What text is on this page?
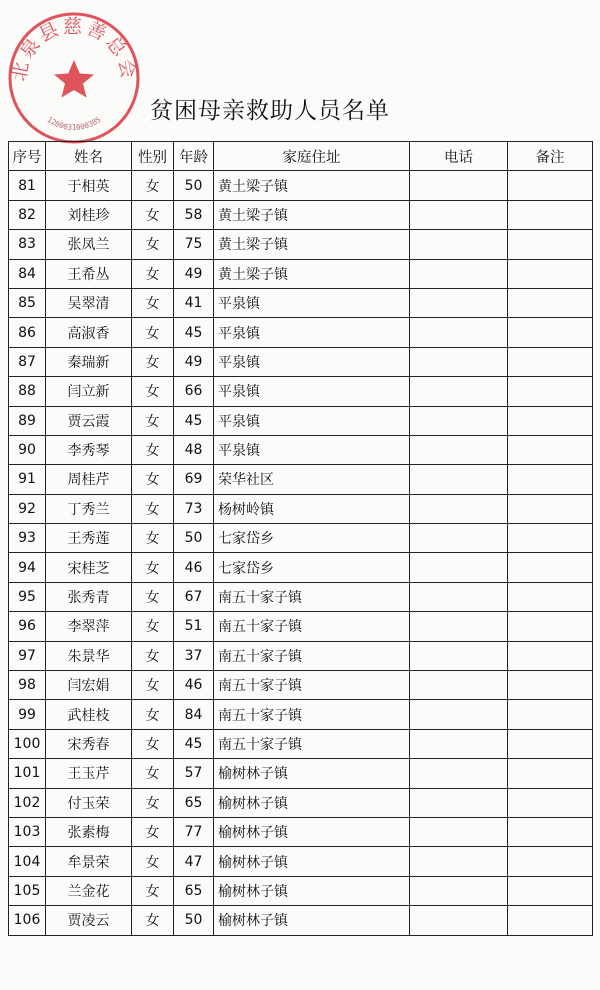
北泉县慈善总会
1200031000385 贫困母亲救助人员名单
序号	姓名	性别	年龄	家庭住址	电话	备注
81	于相英	女	50	黄土梁子镇		
82	刘桂珍	女	58	黄土梁子镇		
83	张凤兰	女	75	黄土梁子镇		
84	王希丛	女	49	黄土梁子镇		
85	吴翠清	女	41	平泉镇		
86	高淑香	女	45	平泉镇		
87	秦瑞新	女	49	平泉镇		
88	闫立新	女	66	平泉镇		
89	贾云霞	女	45	平泉镇		
90	李秀琴	女	48	平泉镇		
91	周桂芹	女	69	荣华社区		
92	丁秀兰	女	73	杨树岭镇		
93	王秀莲	女	50	七家岱乡		
94	宋桂芝	女	46	七家岱乡		
95	张秀青	女	67	南五十家子镇		
96	李翠萍	女	51	南五十家子镇		
97	朱景华	女	37	南五十家子镇		
98	闫宏娟	女	46	南五十家子镇		
99	武桂枝	女	84	南五十家子镇		
100	宋秀春	女	45	南五十家子镇		
101	王玉芹	女	57	榆树林子镇		
102	付玉荣	女	65	榆树林子镇		
103	张素梅	女	77	榆树林子镇		
104	牟景荣	女	47	榆树林子镇		
105	兰金花	女	65	榆树林子镇		
106	贾凌云	女	50	榆树林子镇		
